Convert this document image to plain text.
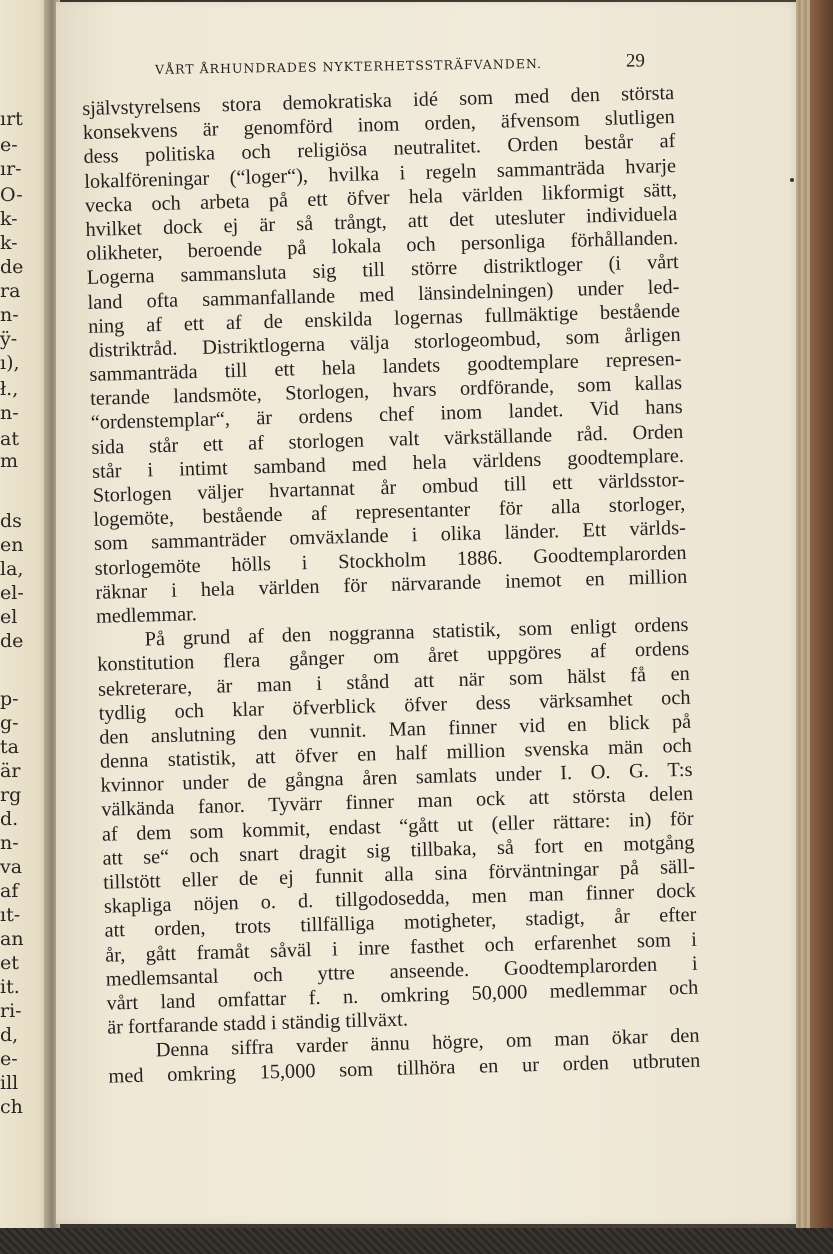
ırt
e-
ır-
O-
k-
k-
de
ra
n-
ÿ-
ı),
ł.,
n-
at
m
ds
en
la,
el-
el
de
p-
g-
ta
är
rg
d.
n-
va
af
ıt-
an
et
it.
ri-
d,
e-
ill
ch
VÅRT ÅRHUNDRADES NYKTERHETSSTRÄFVANDEN.	29
självstyrelsens stora demokratiska idé som med den största
konsekvens är genomförd inom orden, äfvensom slutligen
dess politiska och religiösa neutralitet. Orden består af
lokalföreningar (“loger“), hvilka i regeln sammanträda hvarje
vecka och arbeta på ett öfver hela världen likformigt sätt,
hvilket dock ej är så trångt, att det utesluter individuela
olikheter, beroende på lokala och personliga förhållanden.
Logerna sammansluta sig till större distriktloger (i vårt
land ofta sammanfallande med länsindelningen) under led-
ning af ett af de enskilda logernas fullmäktige bestående
distriktråd. Distriktlogerna välja storlogeombud, som årligen
sammanträda till ett hela landets goodtemplare represen-
terande landsmöte, Storlogen, hvars ordförande, som kallas
“ordenstemplar“, är ordens chef inom landet. Vid hans
sida står ett af storlogen valt värkställande råd. Orden
står i intimt samband med hela världens goodtemplare.
Storlogen väljer hvartannat år ombud till ett världsstor-
logemöte, bestående af representanter för alla storloger,
som sammanträder omväxlande i olika länder. Ett världs-
storlogemöte hölls i Stockholm 1886. Goodtemplarorden
räknar i hela världen för närvarande inemot en million
medlemmar.
På grund af den noggranna statistik, som enligt ordens
konstitution flera gånger om året uppgöres af ordens
sekreterare, är man i stånd att när som hälst få en
tydlig och klar öfverblick öfver dess värksamhet och
den anslutning den vunnit. Man finner vid en blick på
denna statistik, att öfver en half million svenska män och
kvinnor under de gångna åren samlats under I. O. G. T:s
välkända fanor. Tyvärr finner man ock att största delen
af dem som kommit, endast “gått ut (eller rättare: in) för
att se“ och snart dragit sig tillbaka, så fort en motgång
tillstött eller de ej funnit alla sina förväntningar på säll-
skapliga nöjen o. d. tillgodosedda, men man finner dock
att orden, trots tillfälliga motigheter, stadigt, år efter
år, gått framåt såväl i inre fasthet och erfarenhet som i
medlemsantal och yttre anseende. Goodtemplarorden i
vårt land omfattar f. n. omkring 50,000 medlemmar och
är fortfarande stadd i ständig tillväxt.
Denna siffra varder ännu högre, om man ökar den
med omkring 15,000 som tillhöra en ur orden utbruten
